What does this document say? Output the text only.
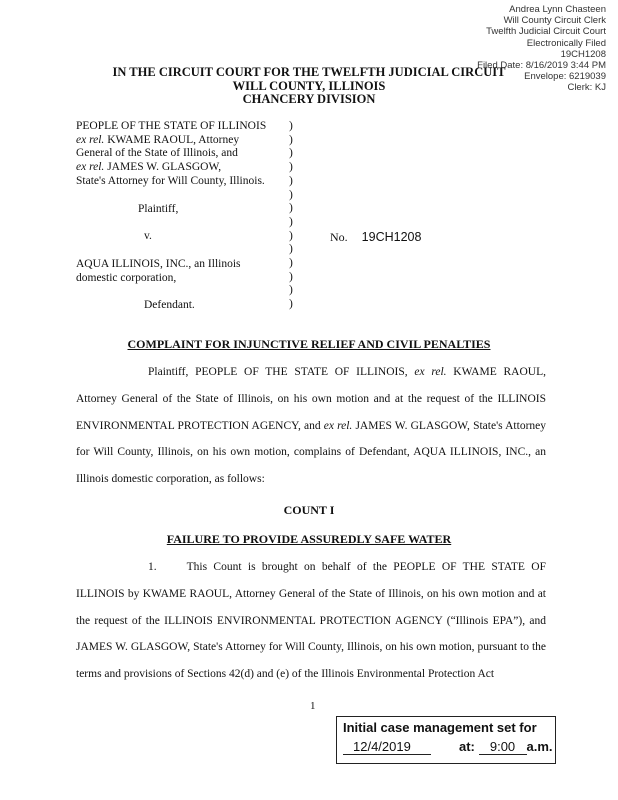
Andrea Lynn Chasteen
Will County Circuit Clerk
Twelfth Judicial Circuit Court
Electronically Filed
19CH1208
Filed Date: 8/16/2019 3:44 PM
Envelope: 6219039
Clerk: KJ
IN THE CIRCUIT COURT FOR THE TWELFTH JUDICIAL CIRCUIT
WILL COUNTY, ILLINOIS
CHANCERY DIVISION
PEOPLE OF THE STATE OF ILLINOIS
ex rel. KWAME RAOUL, Attorney
General of the State of Illinois, and
ex rel. JAMES W. GLASGOW,
State's Attorney for Will County, Illinois.
Plaintiff,
v.
AQUA ILLINOIS, INC., an Illinois
domestic corporation,
Defendant.
)
)
)
)
)
)
)
)
)
)
)
)
)
)
No. 19CH1208
COMPLAINT FOR INJUNCTIVE RELIEF AND CIVIL PENALTIES
Plaintiff, PEOPLE OF THE STATE OF ILLINOIS, ex rel. KWAME RAOUL, Attorney General of the State of Illinois, on his own motion and at the request of the ILLINOIS ENVIRONMENTAL PROTECTION AGENCY, and ex rel. JAMES W. GLASGOW, State's Attorney for Will County, Illinois, on his own motion, complains of Defendant, AQUA ILLINOIS, INC., an Illinois domestic corporation, as follows:
COUNT I
FAILURE TO PROVIDE ASSUREDLY SAFE WATER
1.	This Count is brought on behalf of the PEOPLE OF THE STATE OF ILLINOIS by KWAME RAOUL, Attorney General of the State of Illinois, on his own motion and at the request of the ILLINOIS ENVIRONMENTAL PROTECTION AGENCY (“Illinois EPA”), and JAMES W. GLASGOW, State's Attorney for Will County, Illinois, on his own motion, pursuant to the terms and provisions of Sections 42(d) and (e) of the Illinois Environmental Protection Act
1
Initial case management set for
12/4/2019	at: 9:00 a.m.
